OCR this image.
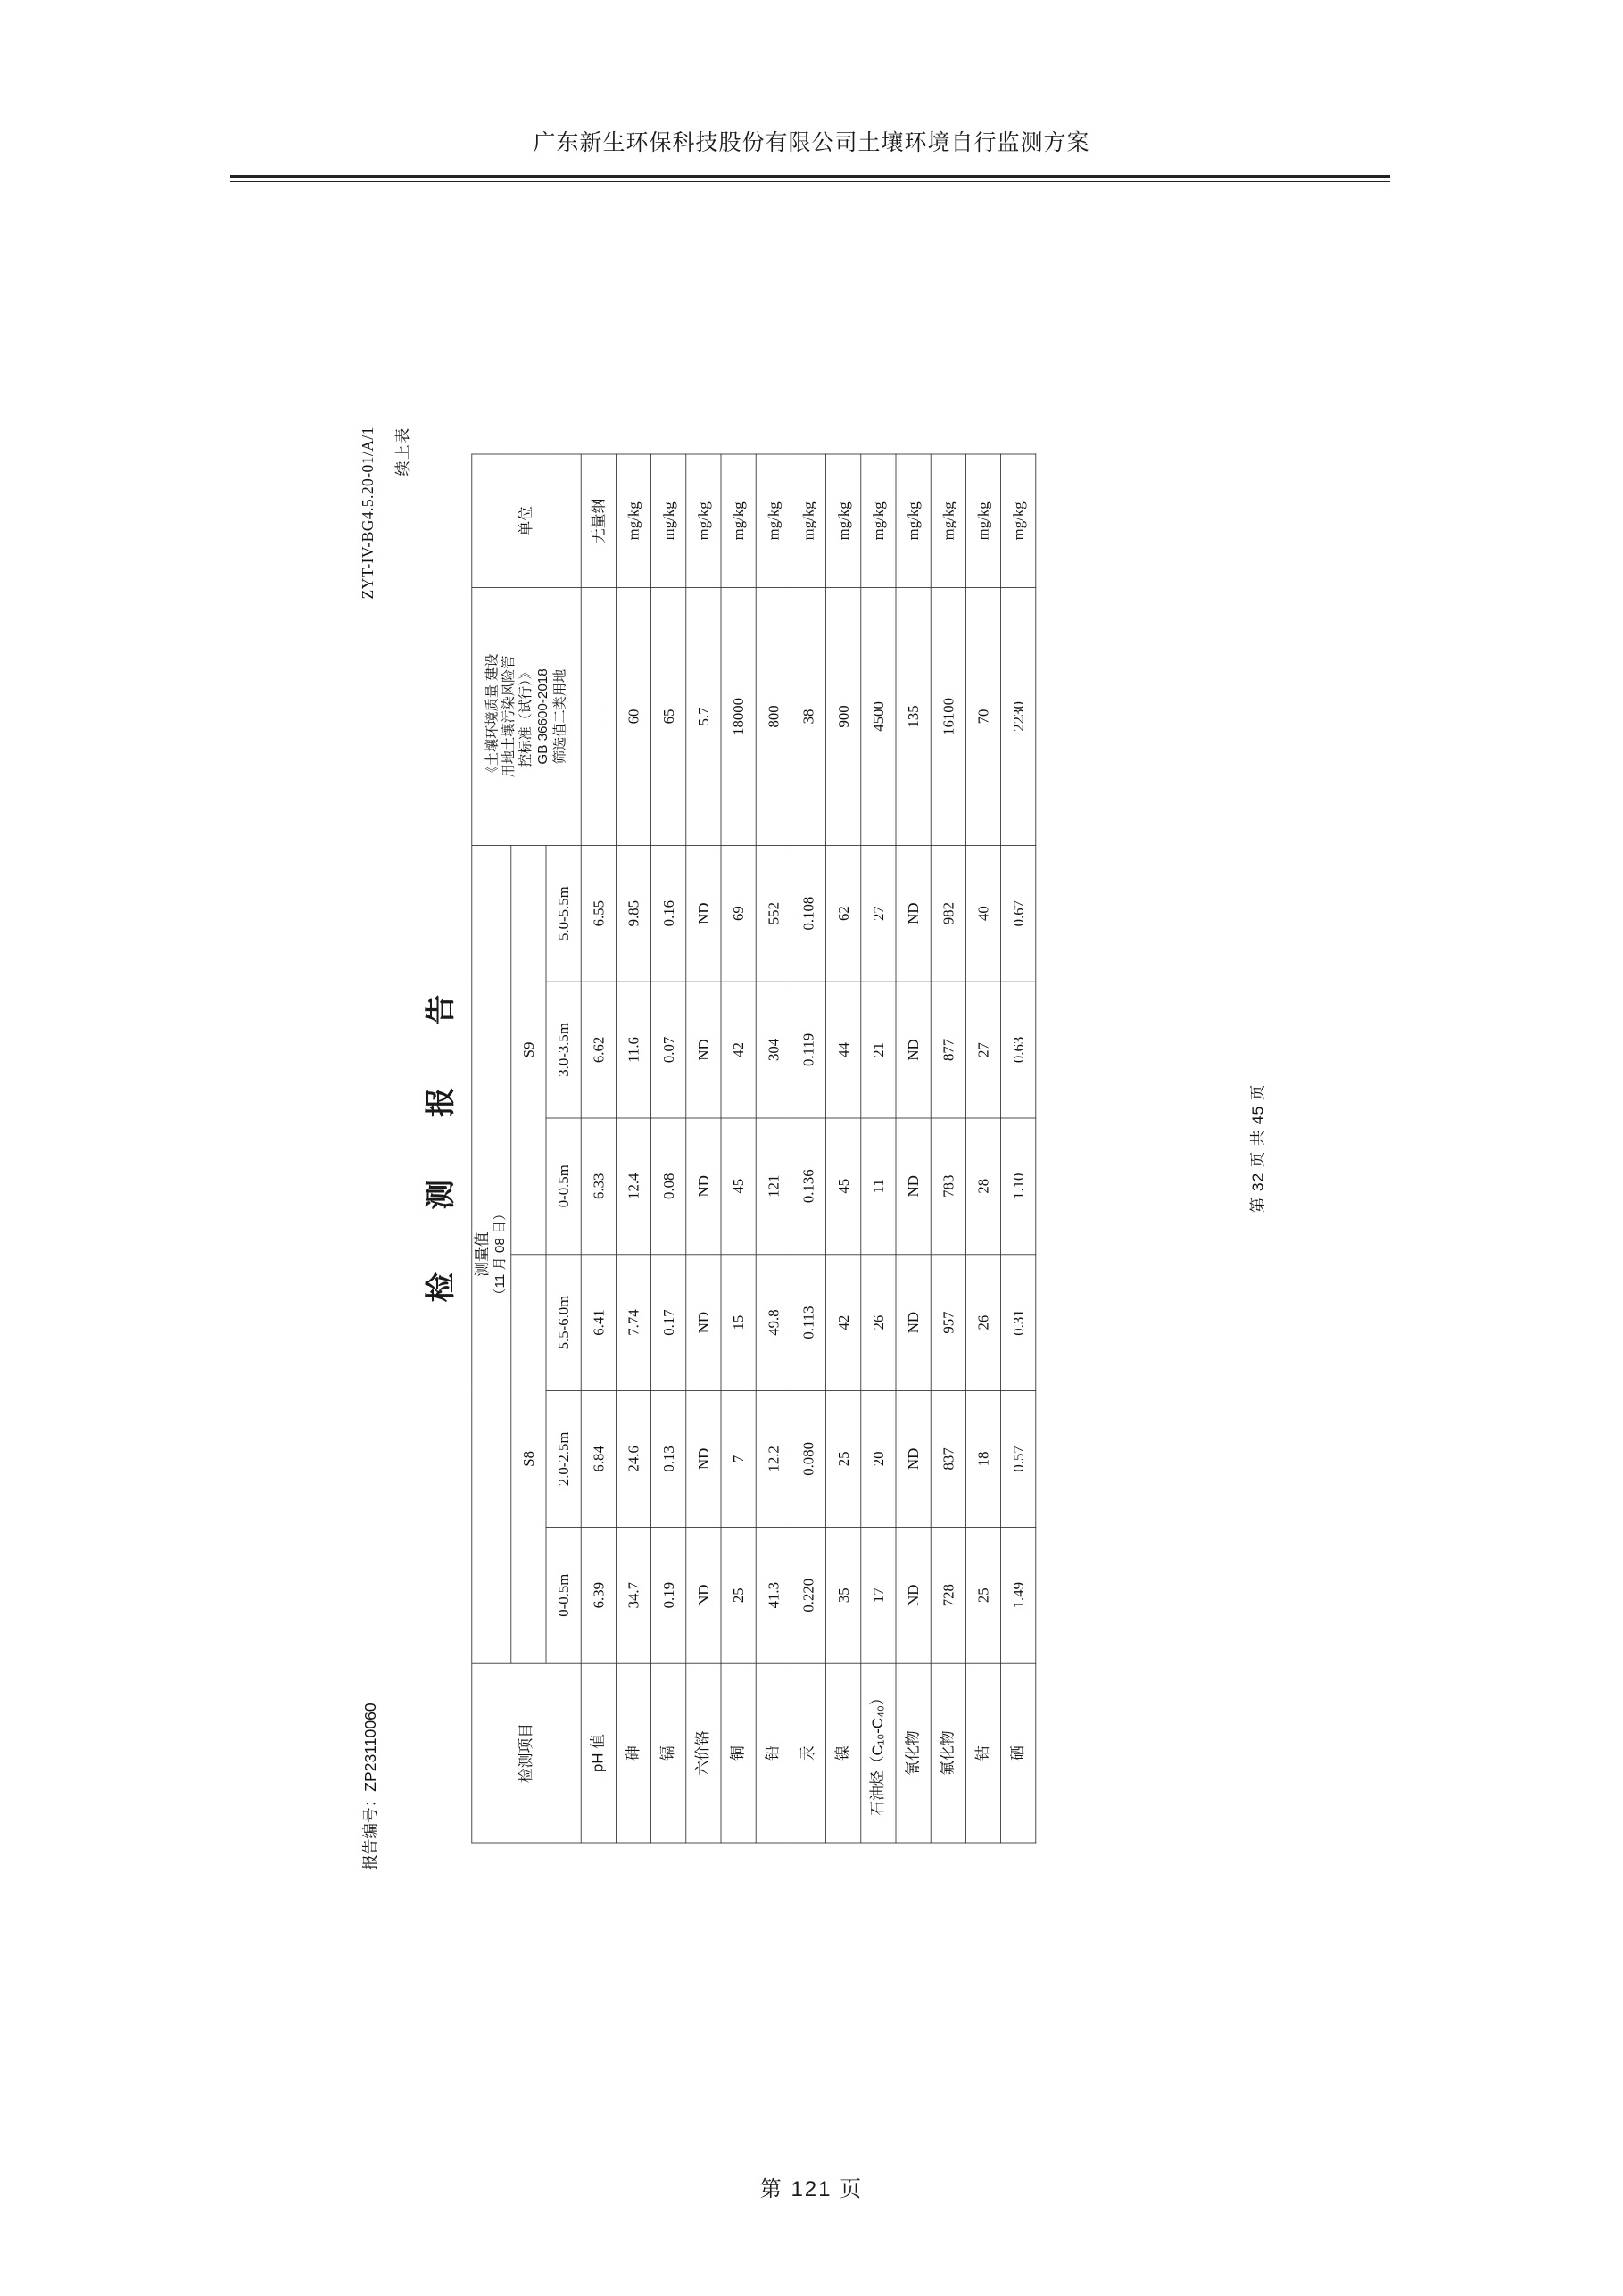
广东新生环保科技股份有限公司土壤环境自行监测方案
报告编号：ZP23110060
ZYT-IV-BG4.5.20-01/A/1 续上表
检 测 报 告
检测项目	
测量值 （11 月 08 日）

《土壤环境质量 建设 用地土壤污染风险管 控标准（试行）》 GB 36600-2018 筛选值二类用地
	单位
	S8			S9				
	0-0.5m	2.0-2.5m	5.5-6.0m	0-0.5m	3.0-3.5m	5.0-5.5m		
pH 值	6.39	6.84	6.41	6.33	6.62	6.55	—	无量纲
砷	34.7	24.6	7.74	12.4	11.6	9.85	60	mg/kg
镉	0.19	0.13	0.17	0.08	0.07	0.16	65	mg/kg
六价铬	ND	ND	ND	ND	ND	ND	5.7	mg/kg
铜	25	7	15	45	42	69	18000	mg/kg
铅	41.3	12.2	49.8	121	304	552	800	mg/kg
汞	0.220	0.080	0.113	0.136	0.119	0.108	38	mg/kg
镍	35	25	42	45	44	62	900	mg/kg
石油烃（C₁₀-C₄₀）	17	20	26	11	21	27	4500	mg/kg
氰化物	ND	ND	ND	ND	ND	ND	135	mg/kg
氟化物	728	837	957	783	877	982	16100	mg/kg
钴	25	18	26	28	27	40	70	mg/kg
硒	1.49	0.57	0.31	1.10	0.63	0.67	2230	mg/kg
第 32 页 共 45 页
第 121 页
